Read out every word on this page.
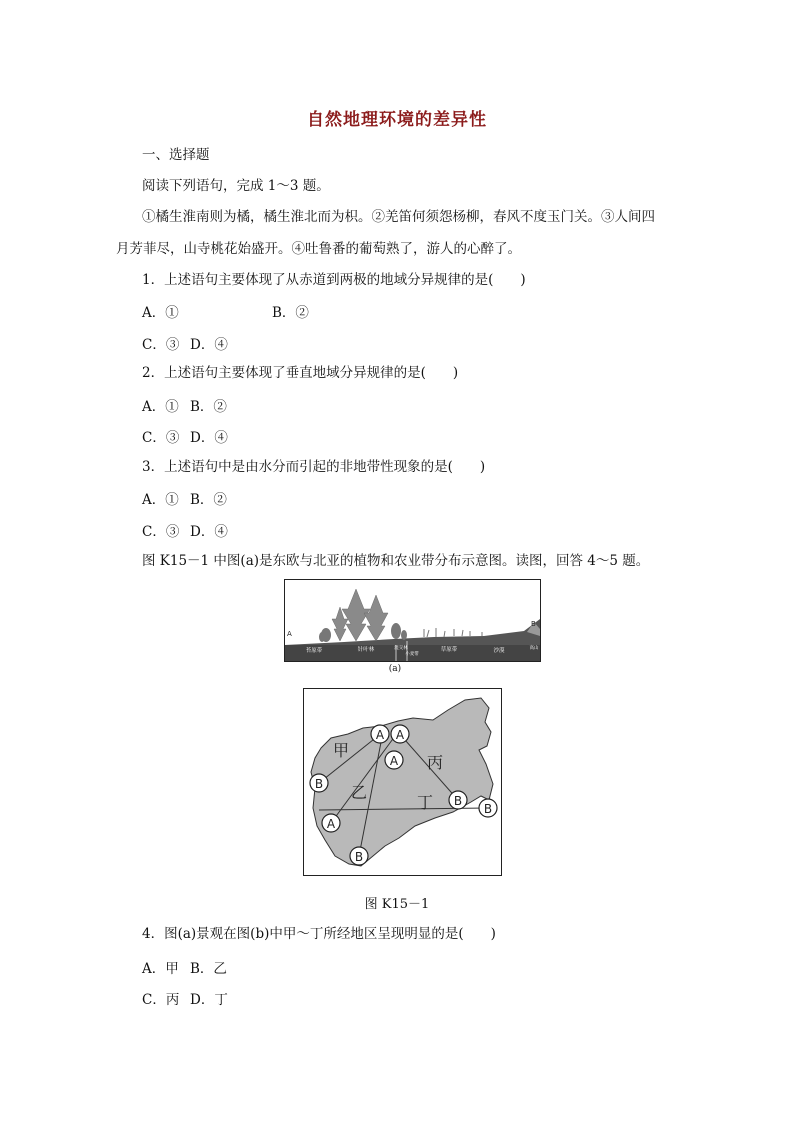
自然地理环境的差异性
一、选择题
阅读下列语句，完成 1～3 题。
①橘生淮南则为橘，橘生淮北而为枳。②羌笛何须怨杨柳，春风不度玉门关。③人间四
月芳菲尽，山寺桃花始盛开。④吐鲁番的葡萄熟了，游人的心醉了。
1．上述语句主要体现了从赤道到两极的地域分异规律的是(　　)
A．①	B．②
C．③ D．④
2．上述语句主要体现了垂直地域分异规律的是(　　)
A．① B．②
C．③ D．④
3．上述语句中是由水分而引起的非地带性现象的是(　　)
A．① B．②
C．③ D．④
图 K15－1 中图(a)是东欧与北亚的植物和农业带分布示意图。读图，回答 4～5 题。
A
B
苔原带	针叶林	混交林
小麦带
草原带	沙漠	高山
(a)
甲
乙
丙
丁
A A
A
B
A
B
B
B
图 K15－1
4．图(a)景观在图(b)中甲～丁所经地区呈现明显的是(　　)
A．甲 B．乙
C．丙 D．丁
